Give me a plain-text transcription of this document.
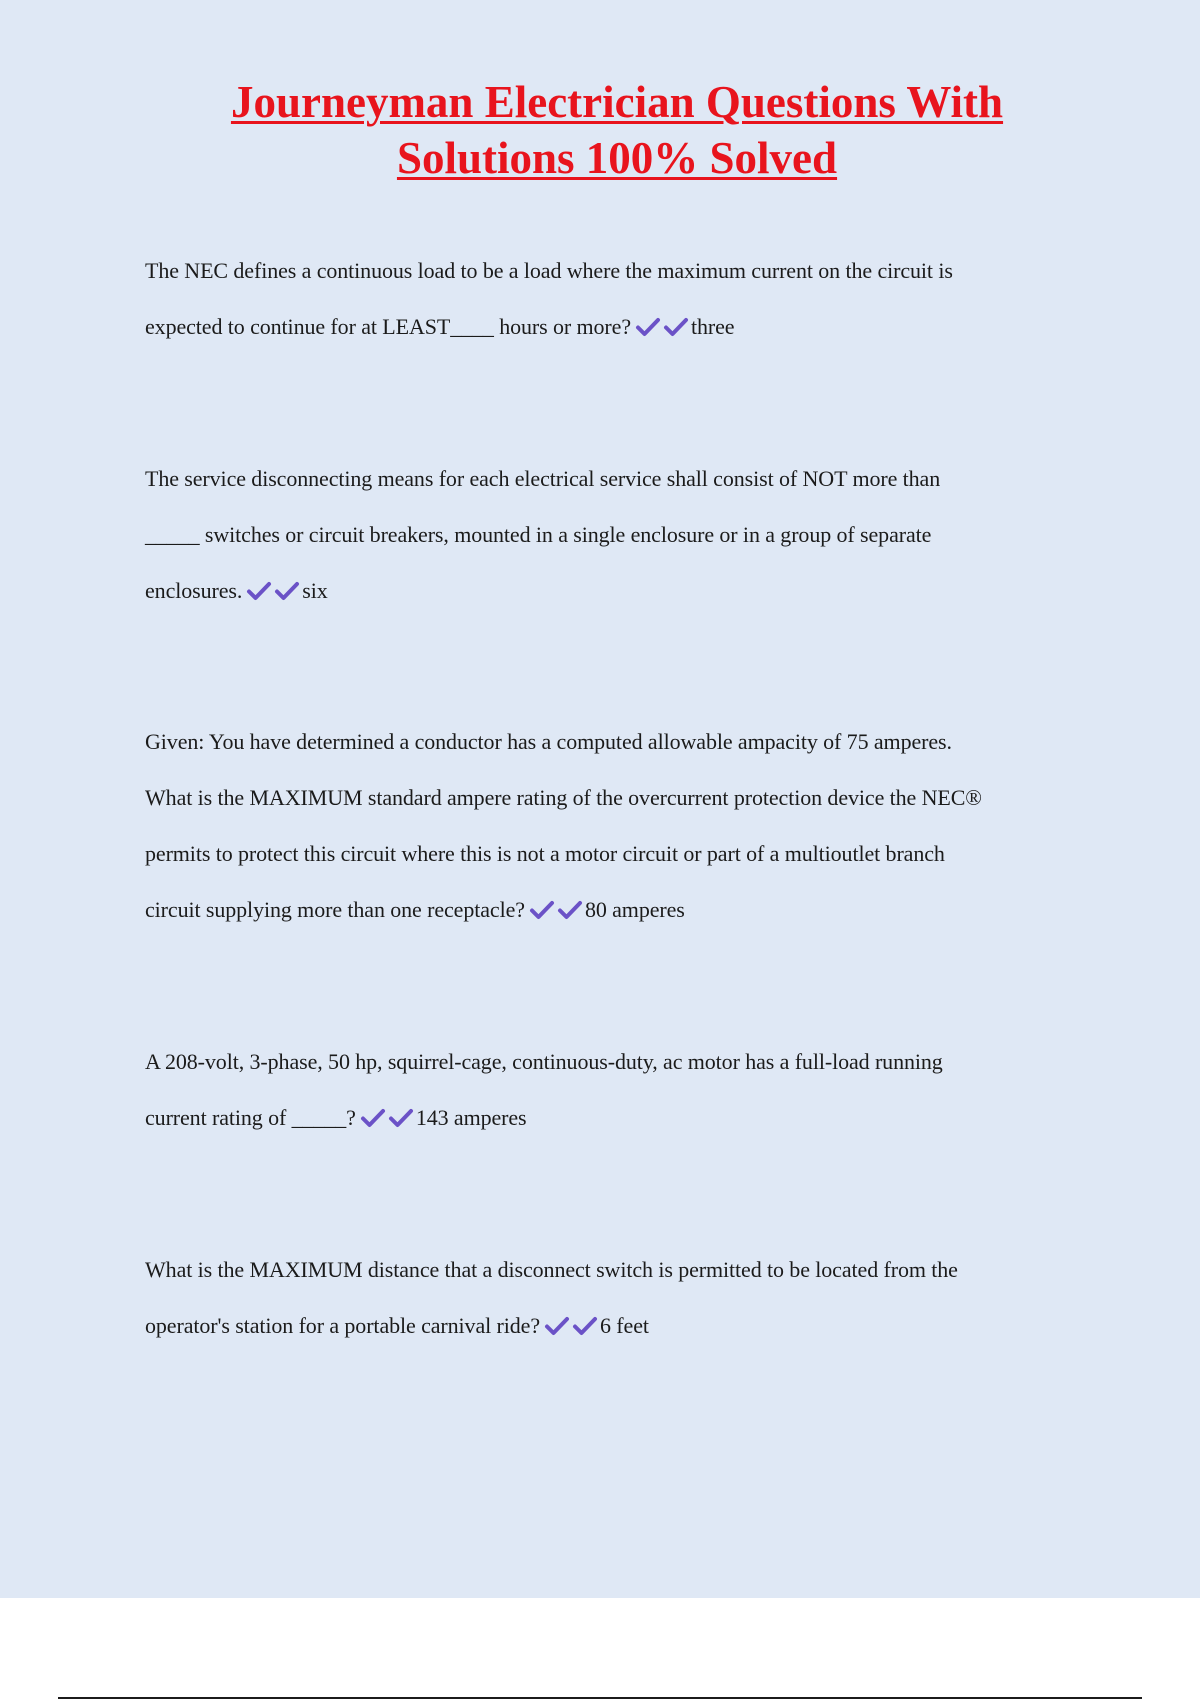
Journeyman Electrician Questions With
Solutions 100% Solved
The NEC defines a continuous load to be a load where the maximum current on the circuit is
expected to continue for at LEAST____ hours or more?	three
The service disconnecting means for each electrical service shall consist of NOT more than
_____ switches or circuit breakers, mounted in a single enclosure or in a group of separate
enclosures.	six
Given: You have determined a conductor has a computed allowable ampacity of 75 amperes.
What is the MAXIMUM standard ampere rating of the overcurrent protection device the NEC®
permits to protect this circuit where this is not a motor circuit or part of a multioutlet branch
circuit supplying more than one receptacle?	80 amperes
A 208-volt, 3-phase, 50 hp, squirrel-cage, continuous-duty, ac motor has a full-load running
current rating of _____?	143 amperes
What is the MAXIMUM distance that a disconnect switch is permitted to be located from the
operator's station for a portable carnival ride?	6 feet
